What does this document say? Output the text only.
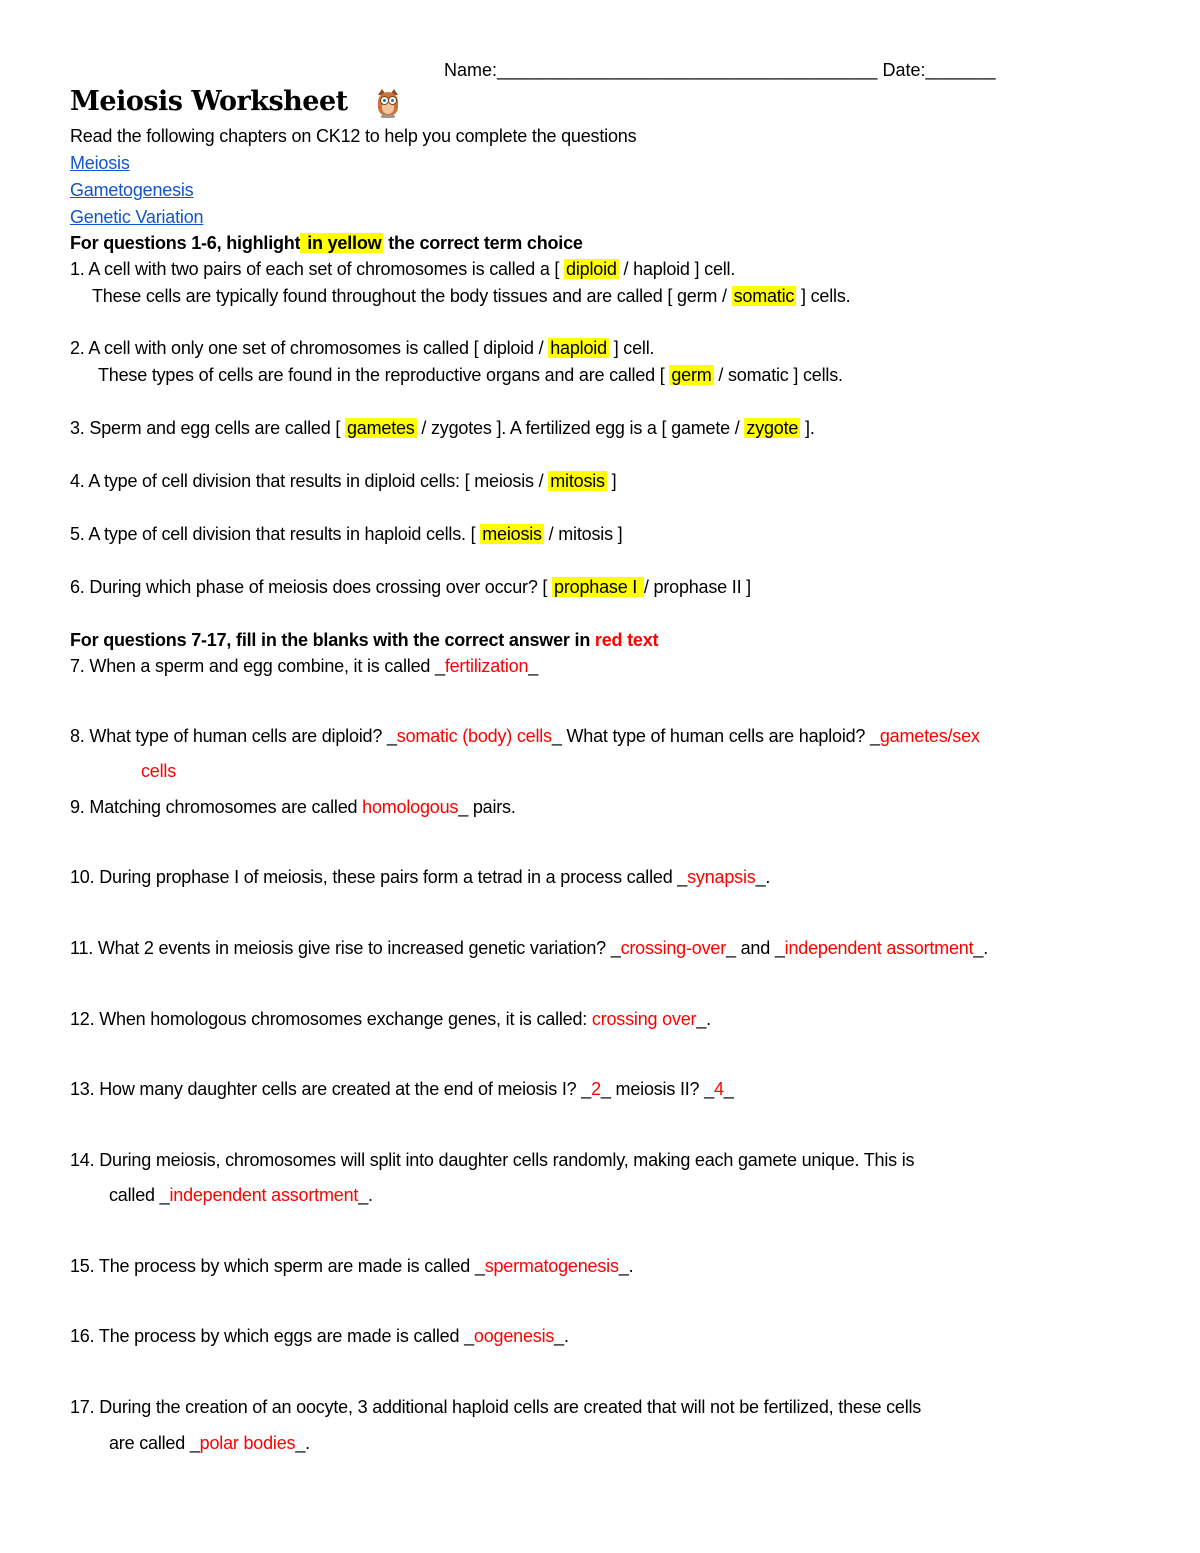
Name:______________________________________ Date:_______
Meiosis Worksheet
Read the following chapters on CK12 to help you complete the questions
Meiosis
Gametogenesis
Genetic Variation
For questions 1-6, highlight in yellow the correct term choice
1. A cell with two pairs of each set of chromosomes is called a [ diploid / haploid ] cell.
These cells are typically found throughout the body tissues and are called [ germ / somatic ] cells.
2. A cell with only one set of chromosomes is called [ diploid / haploid ] cell.
These types of cells are found in the reproductive organs and are called [ germ / somatic ] cells.
3. Sperm and egg cells are called [ gametes / zygotes ]. A fertilized egg is a [ gamete / zygote ].
4. A type of cell division that results in diploid cells: [ meiosis / mitosis ]
5. A type of cell division that results in haploid cells. [ meiosis / mitosis ]
6. During which phase of meiosis does crossing over occur? [ prophase I / prophase II ]
For questions 7-17, fill in the blanks with the correct answer in red text
7. When a sperm and egg combine, it is called _fertilization_
8. What type of human cells are diploid? _somatic (body) cells_ What type of human cells are haploid? _gametes/sex
cells
9. Matching chromosomes are called homologous_ pairs.
10. During prophase I of meiosis, these pairs form a tetrad in a process called _synapsis_.
11. What 2 events in meiosis give rise to increased genetic variation? _crossing-over_ and _independent assortment_.
12. When homologous chromosomes exchange genes, it is called: crossing over_.
13. How many daughter cells are created at the end of meiosis I? _2_ meiosis II? _4_
14. During meiosis, chromosomes will split into daughter cells randomly, making each gamete unique. This is
called _independent assortment_.
15. The process by which sperm are made is called _spermatogenesis_.
16. The process by which eggs are made is called _oogenesis_.
17. During the creation of an oocyte, 3 additional haploid cells are created that will not be fertilized, these cells
are called _polar bodies_.
